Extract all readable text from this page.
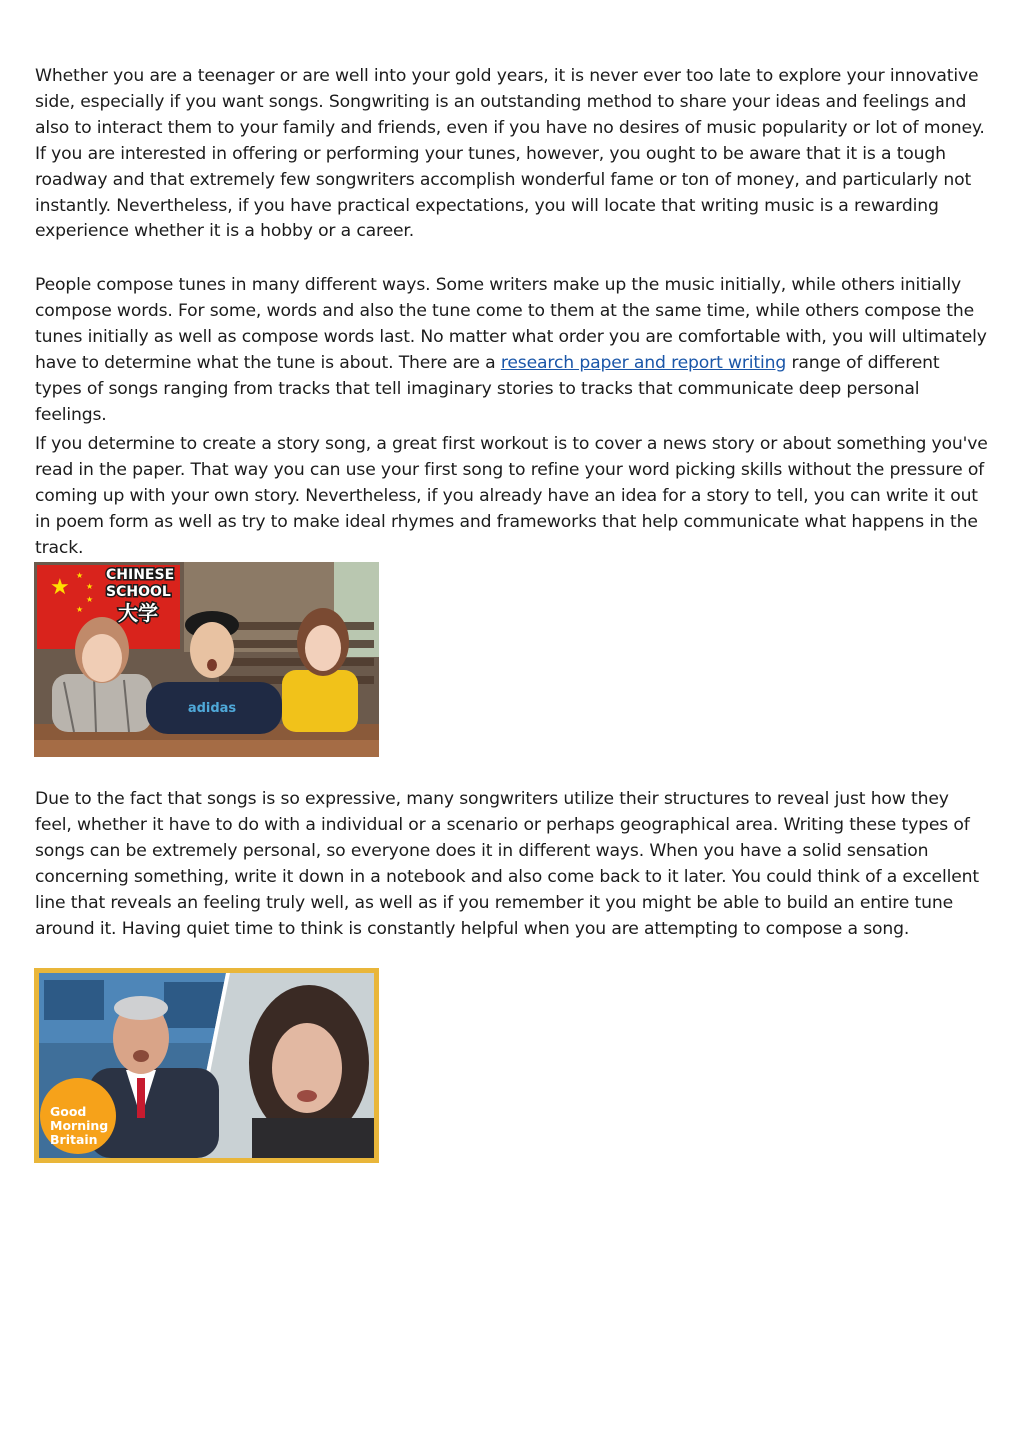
Whether you are a teenager or are well into your gold years, it is never ever too late to explore your innovative side, especially if you want songs. Songwriting is an outstanding method to share your ideas and feelings and also to interact them to your family and friends, even if you have no desires of music popularity or lot of money. If you are interested in offering or performing your tunes, however, you ought to be aware that it is a tough roadway and that extremely few songwriters accomplish wonderful fame or ton of money, and particularly not instantly. Nevertheless, if you have practical expectations, you will locate that writing music is a rewarding experience whether it is a hobby or a career.

People compose tunes in many different ways. Some writers make up the music initially, while others initially compose words. For some, words and also the tune come to them at the same time, while others compose the tunes initially as well as compose words last. No matter what order you are comfortable with, you will ultimately have to determine what the tune is about. There are a research paper and report writing range of different types of songs ranging from tracks that tell imaginary stories to tracks that communicate deep personal feelings.

If you determine to create a story song, a great first workout is to cover a news story or about something you've read in the paper. That way you can use your first song to refine your word picking skills without the pressure of coming up with your own story. Nevertheless, if you already have an idea for a story to tell, you can write it out in poem form as well as try to make ideal rhymes and frameworks that help communicate what happens in the track.

★ ★
★
★
★
CHINESE
SCHOOL
大学
adidas

Due to the fact that songs is so expressive, many songwriters utilize their structures to reveal just how they feel, whether it have to do with a individual or a scenario or perhaps geographical area. Writing these types of songs can be extremely personal, so everyone does it in different ways. When you have a solid sensation concerning something, write it down in a notebook and also come back to it later. You could think of a excellent line that reveals an feeling truly well, as well as if you remember it you might be able to build an entire tune around it. Having quiet time to think is constantly helpful when you are attempting to compose a song.

Good
Morning
Britain
